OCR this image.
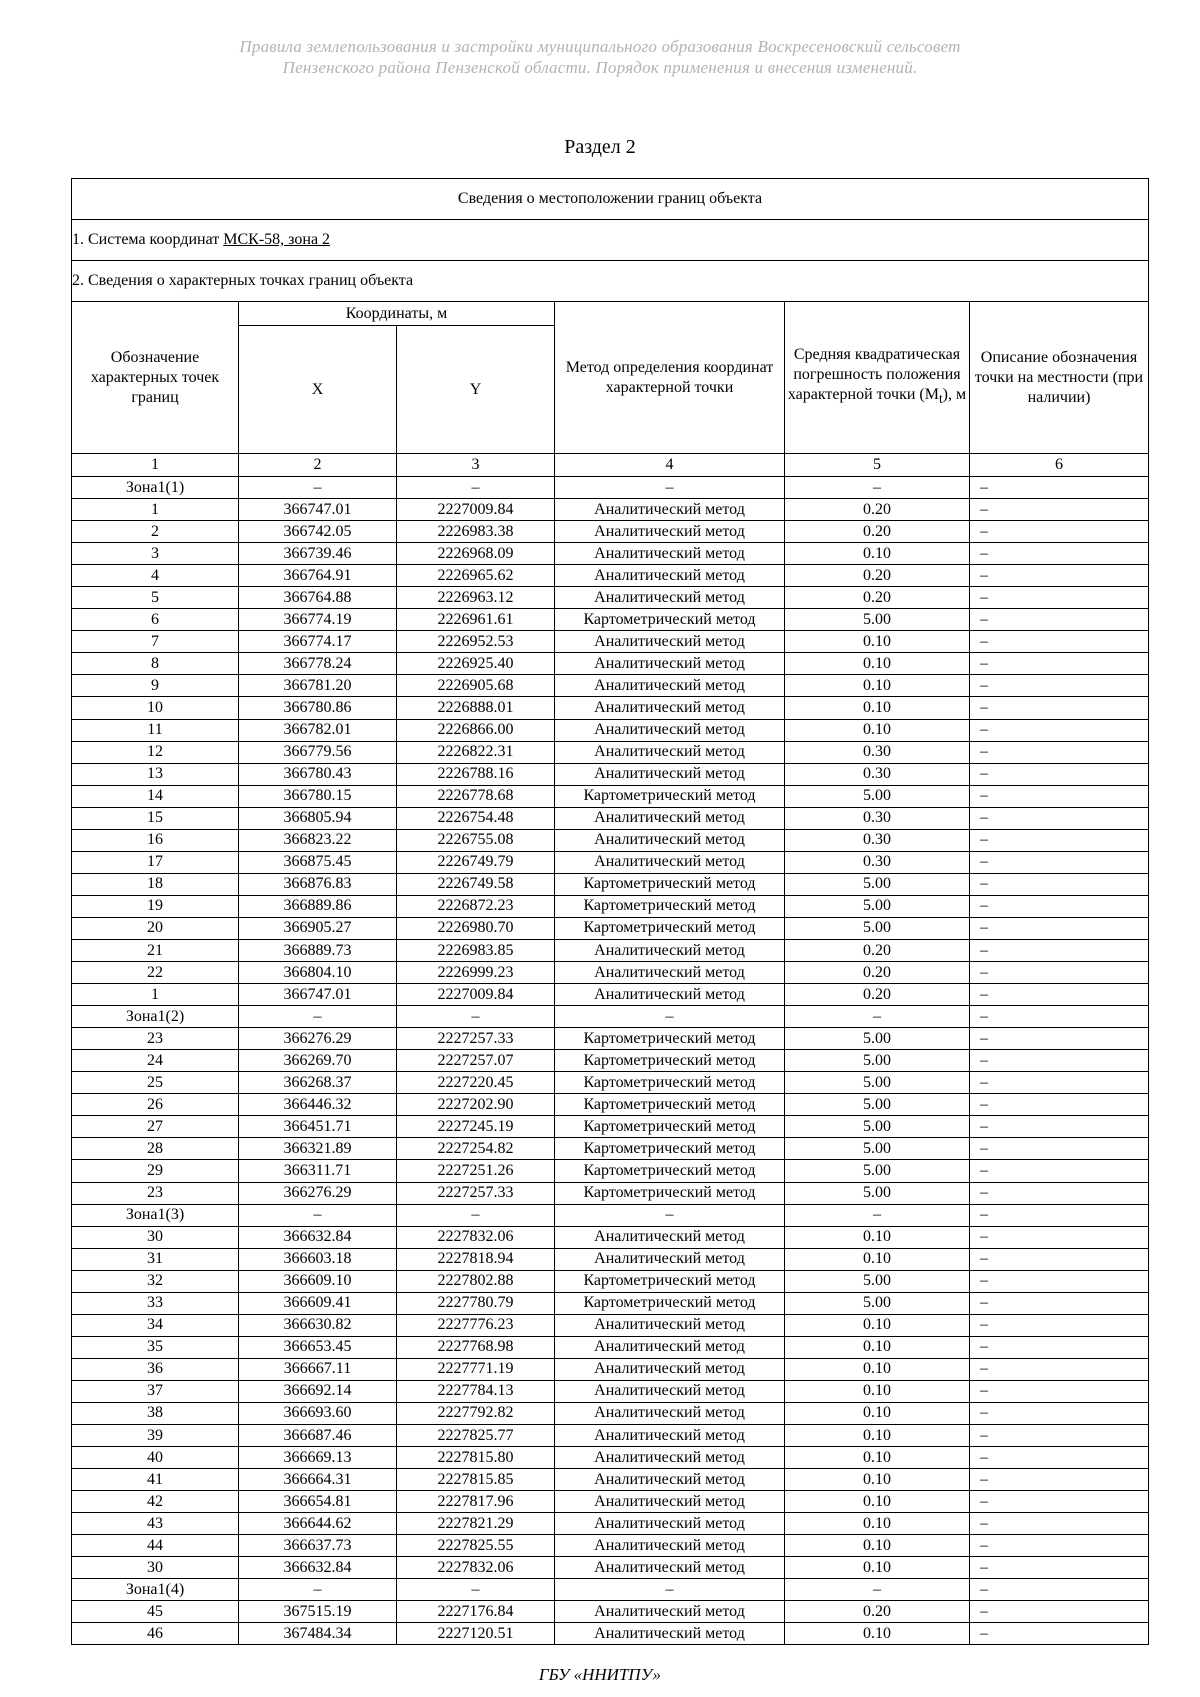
Правила землепользования и застройки муниципального образования Воскресеновский сельсовет
Пензенского района Пензенской области. Порядок применения и внесения изменений.
Раздел 2
Сведения о местоположении границ объекта					
1. Система координат МСК-58, зона 2					
2. Сведения о характерных точках границ объекта					
Обозначение характерных точек границ	Координаты, м		Метод определения координат характерной точки	Средняя квадратическая погрешность положения характерной точки $(M_t)$, м	Описание обозначения точки на местности (при наличии)
	X	Y			
1	2	3	4	5	6
Зона1(1)	–	–	–	–	–
1	366747.01	2227009.84	Аналитический метод	0.20	–
2	366742.05	2226983.38	Аналитический метод	0.20	–
3	366739.46	2226968.09	Аналитический метод	0.10	–
4	366764.91	2226965.62	Аналитический метод	0.20	–
5	366764.88	2226963.12	Аналитический метод	0.20	–
6	366774.19	2226961.61	Картометрический метод	5.00	–
7	366774.17	2226952.53	Аналитический метод	0.10	–
8	366778.24	2226925.40	Аналитический метод	0.10	–
9	366781.20	2226905.68	Аналитический метод	0.10	–
10	366780.86	2226888.01	Аналитический метод	0.10	–
11	366782.01	2226866.00	Аналитический метод	0.10	–
12	366779.56	2226822.31	Аналитический метод	0.30	–
13	366780.43	2226788.16	Аналитический метод	0.30	–
14	366780.15	2226778.68	Картометрический метод	5.00	–
15	366805.94	2226754.48	Аналитический метод	0.30	–
16	366823.22	2226755.08	Аналитический метод	0.30	–
17	366875.45	2226749.79	Аналитический метод	0.30	–
18	366876.83	2226749.58	Картометрический метод	5.00	–
19	366889.86	2226872.23	Картометрический метод	5.00	–
20	366905.27	2226980.70	Картометрический метод	5.00	–
21	366889.73	2226983.85	Аналитический метод	0.20	–
22	366804.10	2226999.23	Аналитический метод	0.20	–
1	366747.01	2227009.84	Аналитический метод	0.20	–
Зона1(2)	–	–	–	–	–
23	366276.29	2227257.33	Картометрический метод	5.00	–
24	366269.70	2227257.07	Картометрический метод	5.00	–
25	366268.37	2227220.45	Картометрический метод	5.00	–
26	366446.32	2227202.90	Картометрический метод	5.00	–
27	366451.71	2227245.19	Картометрический метод	5.00	–
28	366321.89	2227254.82	Картометрический метод	5.00	–
29	366311.71	2227251.26	Картометрический метод	5.00	–
23	366276.29	2227257.33	Картометрический метод	5.00	–
Зона1(3)	–	–	–	–	–
30	366632.84	2227832.06	Аналитический метод	0.10	–
31	366603.18	2227818.94	Аналитический метод	0.10	–
32	366609.10	2227802.88	Картометрический метод	5.00	–
33	366609.41	2227780.79	Картометрический метод	5.00	–
34	366630.82	2227776.23	Аналитический метод	0.10	–
35	366653.45	2227768.98	Аналитический метод	0.10	–
36	366667.11	2227771.19	Аналитический метод	0.10	–
37	366692.14	2227784.13	Аналитический метод	0.10	–
38	366693.60	2227792.82	Аналитический метод	0.10	–
39	366687.46	2227825.77	Аналитический метод	0.10	–
40	366669.13	2227815.80	Аналитический метод	0.10	–
41	366664.31	2227815.85	Аналитический метод	0.10	–
42	366654.81	2227817.96	Аналитический метод	0.10	–
43	366644.62	2227821.29	Аналитический метод	0.10	–
44	366637.73	2227825.55	Аналитический метод	0.10	–
30	366632.84	2227832.06	Аналитический метод	0.10	–
Зона1(4)	–	–	–	–	–
45	367515.19	2227176.84	Аналитический метод	0.20	–
46	367484.34	2227120.51	Аналитический метод	0.10	–
ГБУ «ННИТПУ»
